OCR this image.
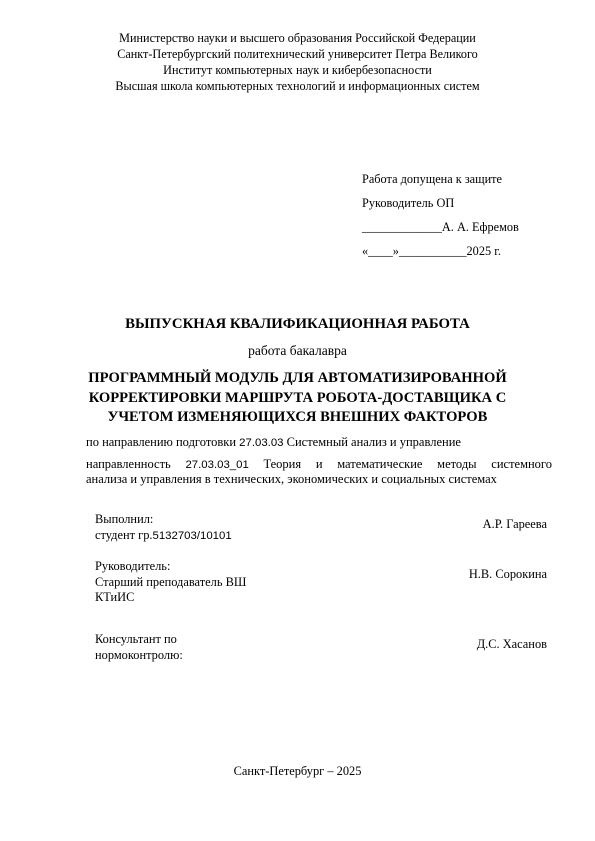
Министерство науки и высшего образования Российской Федерации
Санкт-Петербургский политехнический университет Петра Великого
Институт компьютерных наук и кибербезопасности
Высшая школа компьютерных технологий и информационных систем
Работа допущена к защите
Руководитель ОП
_____________А. А. Ефремов
«____»___________2025 г.
ВЫПУСКНАЯ КВАЛИФИКАЦИОННАЯ РАБОТА
работа бакалавра
ПРОГРАММНЫЙ МОДУЛЬ ДЛЯ АВТОМАТИЗИРОВАННОЙ
КОРРЕКТИРОВКИ МАРШРУТА РОБОТА-ДОСТАВЩИКА С
УЧЕТОМ ИЗМЕНЯЮЩИХСЯ ВНЕШНИХ ФАКТОРОВ
по направлению подготовки 27.03.03 Системный анализ и управление
направленность 27.03.03_01 Теория и математические методы системного
анализа и управления в технических, экономических и социальных системах
Выполнил:
студент гр.5132703/10101
А.Р. Гареева
Руководитель:
Старший преподаватель ВШ
КТиИС
Н.В. Сорокина
Консультант по
нормоконтролю:
Д.С. Хасанов
Санкт-Петербург – 2025
